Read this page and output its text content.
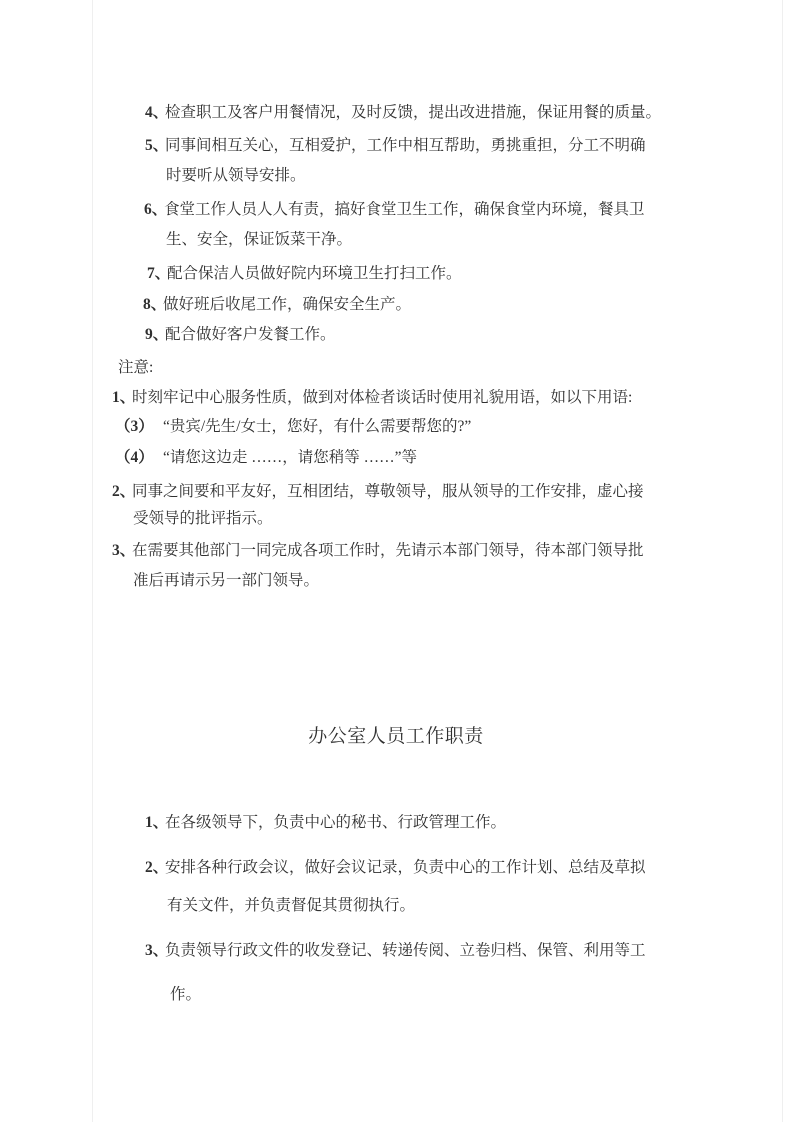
4、
检查职工及客户用餐情况，及时反馈，提出改进措施，保证用餐的质量。
5、
同事间相互关心，互相爱护，工作中相互帮助，勇挑重担，分工不明确
时要听从领导安排。
6、
食堂工作人员人人有责，搞好食堂卫生工作，确保食堂内环境，餐具卫
生、安全，保证饭菜干净。
7、
配合保洁人员做好院内环境卫生打扫工作。
8、
做好班后收尾工作，确保安全生产。
9、
配合做好客户发餐工作。
注意:
1、
时刻牢记中心服务性质，做到对体检者谈话时使用礼貌用语，如以下用语:
（3） “贵宾/先生/女士，您好，有什么需要帮您的?”
（4） “请您这边走 ……，请您稍等 ……”等
2、
同事之间要和平友好，互相团结，尊敬领导，服从领导的工作安排，虚心接
受领导的批评指示。
3、
在需要其他部门一同完成各项工作时，先请示本部门领导，待本部门领导批
准后再请示另一部门领导。
办公室人员工作职责
1、
在各级领导下，负责中心的秘书、行政管理工作。
2、
安排各种行政会议，做好会议记录，负责中心的工作计划、总结及草拟
有关文件，并负责督促其贯彻执行。
3、
负责领导行政文件的收发登记、转递传阅、立卷归档、保管、利用等工
作。
